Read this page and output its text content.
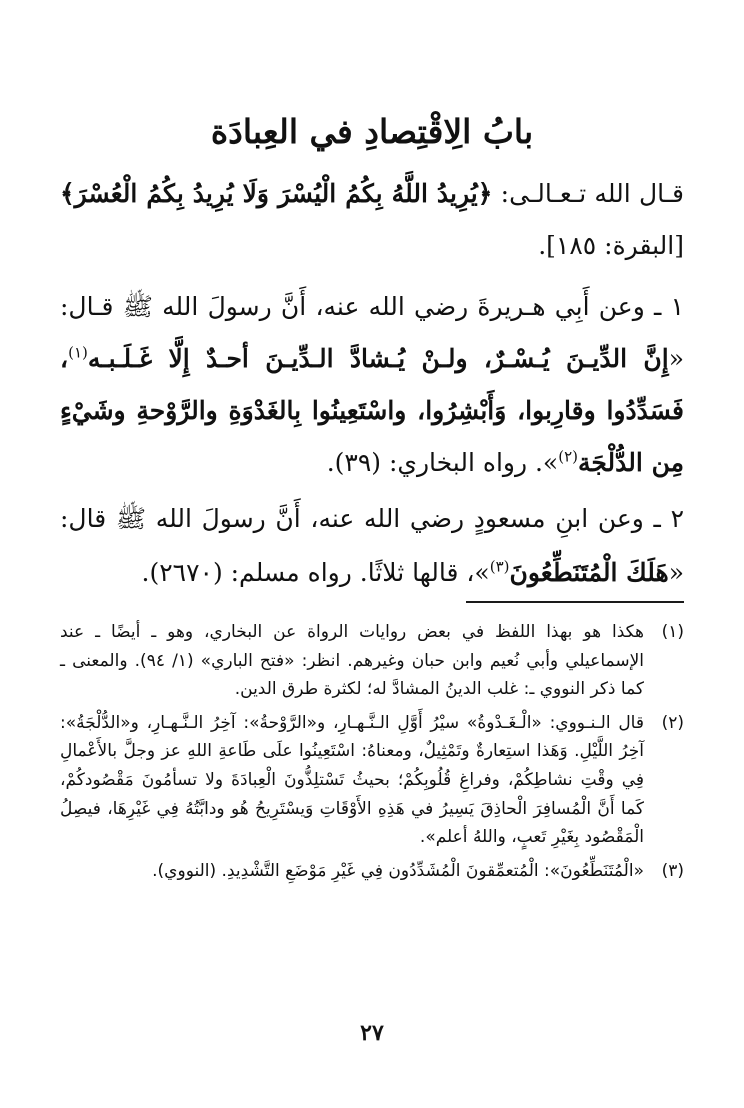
بابُ الِاقْتِصادِ في العِبادَة

قـال الله تـعـالـى: ﴿يُرِيدُ اللَّهُ بِكُمُ الْيُسْرَ وَلَا يُرِيدُ بِكُمُ الْعُسْرَ﴾ [البقرة: ١٨٥].

١ ـ وعن أَبِي هـريرةَ رضي الله عنه، أَنَّ رسولَ الله ﷺ قـال: «إِنَّ الدِّيـنَ يُـسْـرٌ، ولـنْ يُـشادَّ الـدِّيـنَ أحـدٌ إِلَّا غَـلَـبـه$^{(١)}$، فَسَدِّدُوا وقارِبوا، وَأَبْشِرُوا، واسْتَعِينُوا بِالغَدْوَةِ والرَّوْحةِ وشَيْءٍ مِن الدُّلْجَة$^{(٢)}$». رواه البخاري: (٣٩).

٢ ـ وعن ابنِ مسعودٍ رضي الله عنه، أَنَّ رسولَ الله ﷺ قال: «هَلَكَ الْمُتَنَطِّعُونَ$^{(٣)}$»، قالها ثلاثًا. رواه مسلم: (٢٦٧٠).

(١)
هكذا هو بهذا اللفظ في بعض روايات الرواة عن البخاري، وهو ـ أيضًا ـ عند الإسماعيلي وأبي نُعيم وابن حبان وغيرهم. انظر: «فتح الباري» (١/ ٩٤). والمعنى ـ كما ذكر النووي ـ: غلب الدينُ المشادَّ له؛ لكثرة طرق الدين.
(٢)
قال الـنـووي: «الْـغَـدْوةُ» سيْرُ أَوَّلِ الـنَّـهـارِ، و«الرَّوْحةُ»: آخِرُ الـنَّـهـارِ، و«الدُّلْجَةُ»: آخِرُ اللَّيْلِ. وَهَذا استِعارةٌ وتَمْثِيلٌ، ومعناهُ: اسْتَعِينُوا علَى طَاعةِ اللهِ عز وجلَّ بالأَعْمالِ فِي وقْتِ نشاطِكُمْ، وفراغِ قُلُوبِكُمْ؛ بحيثُ تَسْتلِذُّونَ الْعِبادَةَ ولا تسأمُونَ مَقْصُودكُمْ، كَما أَنَّ الْمُسافِرَ الْحاذِقَ يَسِيرُ في هَذِهِ الأَوْقَاتِ وَيسْتَرِيحُ هُو ودابَّتُهُ فِي غَيْرِهَا، فيصِلُ الْمَقْصُود بِغَيْرِ تَعبٍ، واللهُ أعلم».
(٣)
«الْمُتَنَطِّعُونَ»: الْمُتعمِّقونَ الْمُشَدِّدُون فِي غَيْرِ مَوْضَعِ التَّشْدِيدِ. (النووي).
٢٧
